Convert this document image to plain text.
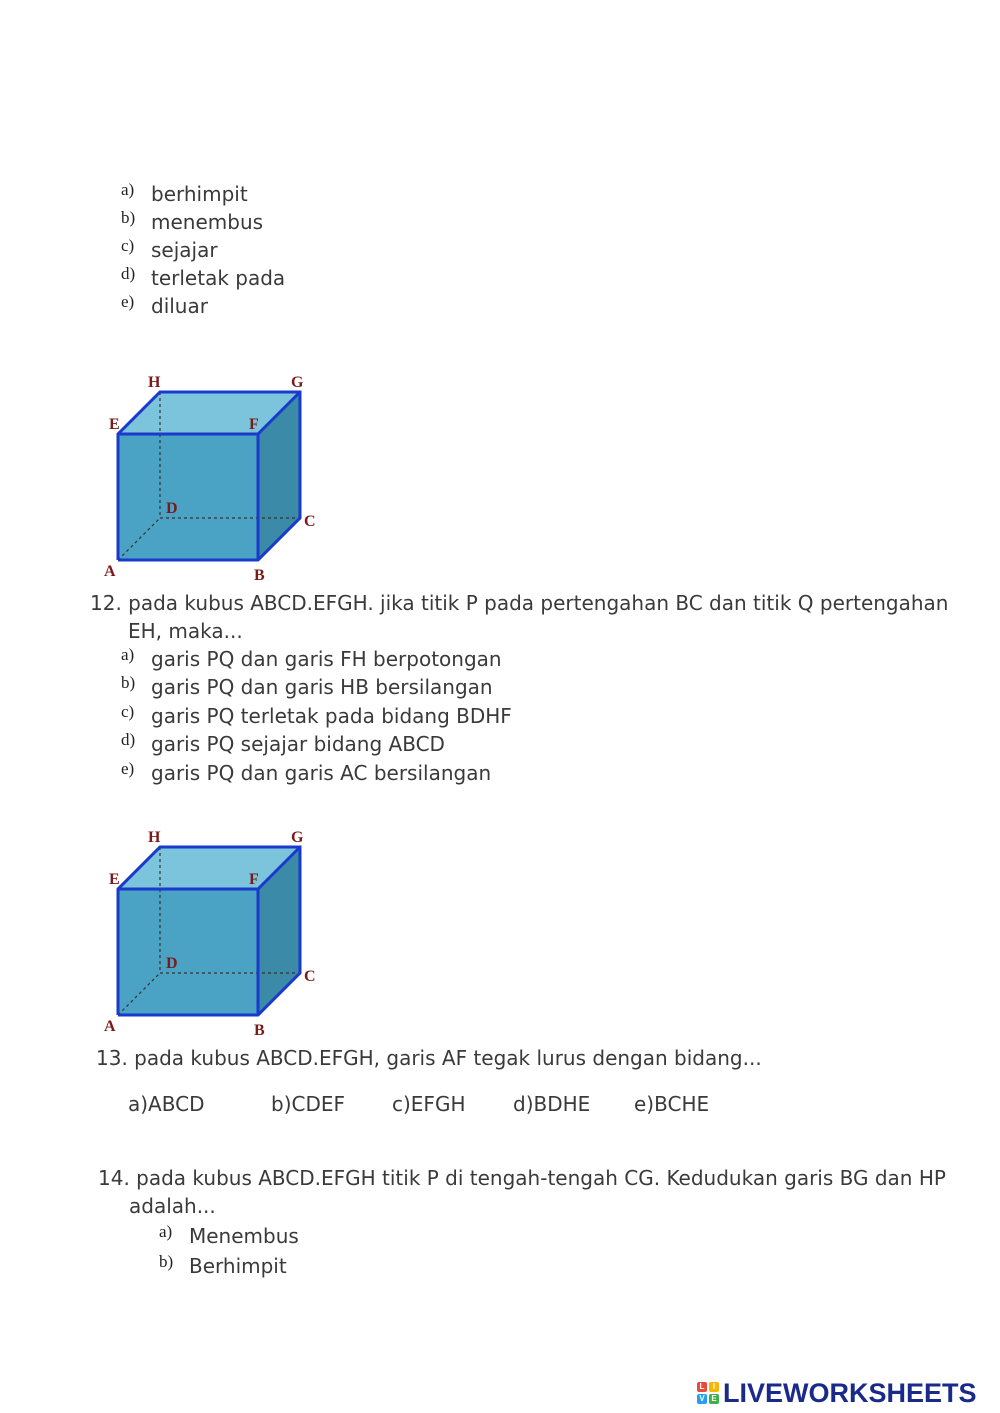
a) berhimpit
b) menembus
c) sejajar
d) terletak pada
e) diluar
H	G
E	F
D
C
A	B
12. pada kubus ABCD.EFGH. jika titik P pada pertengahan BC dan titik Q pertengahan
EH, maka...
a) garis PQ dan garis FH berpotongan
b) garis PQ dan garis HB bersilangan
c) garis PQ terletak pada bidang BDHF
d) garis PQ sejajar bidang ABCD
e) garis PQ dan garis AC bersilangan
H	G
E	F
D
C
A	B
13. pada kubus ABCD.EFGH, garis AF tegak lurus dengan bidang...
a)ABCD	b)CDEF c)EFGH d)BDHE e)BCHE
14. pada kubus ABCD.EFGH titik P di tengah-tengah CG. Kedudukan garis BG dan HP
adalah...
a) Menembus
b) Berhimpit
L	I
V E LIVEWORKSHEETS
